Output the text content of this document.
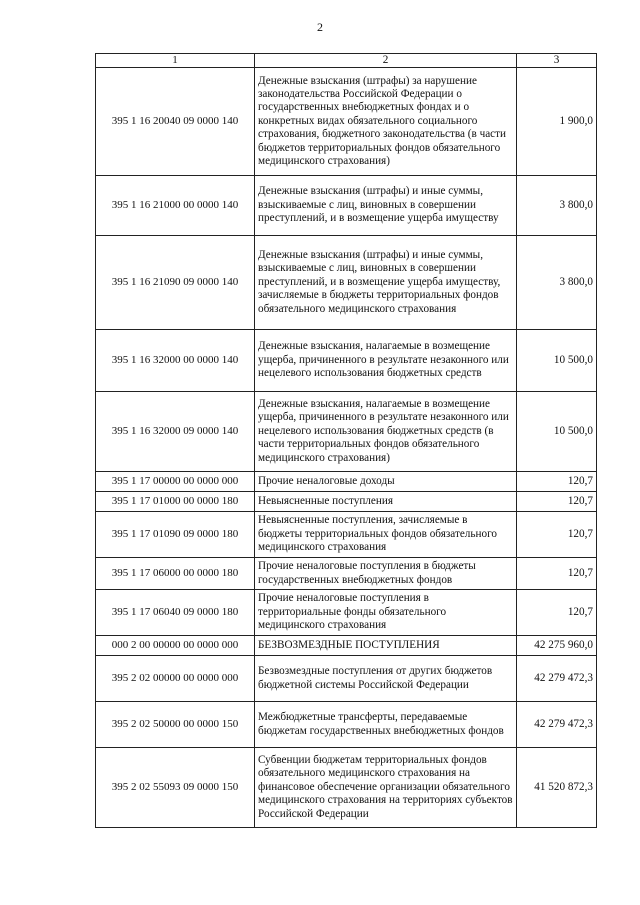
2
1	2	3
395 1 16 20040 09 0000 140	Денежные взыскания (штрафы) за нарушение законодательства Российской Федерации о государственных внебюджетных фондах и о конкретных видах обязательного социального страхования, бюджетного законодательства (в части бюджетов территориальных фондов обязательного медицинского страхования)	1 900,0
395 1 16 21000 00 0000 140	Денежные взыскания (штрафы) и иные суммы, взыскиваемые с лиц, виновных в совершении преступлений, и в возмещение ущерба имуществу	3 800,0
395 1 16 21090 09 0000 140	Денежные взыскания (штрафы) и иные суммы, взыскиваемые с лиц, виновных в совершении преступлений, и в возмещение ущерба имуществу, зачисляемые в бюджеты территориальных фондов обязательного медицинского страхования	3 800,0
395 1 16 32000 00 0000 140	Денежные взыскания, налагаемые в возмещение ущерба, причиненного в результате незаконного или нецелевого использования бюджетных средств	10 500,0
395 1 16 32000 09 0000 140	Денежные взыскания, налагаемые в возмещение ущерба, причиненного в результате незаконного или нецелевого использования бюджетных средств (в части территориальных фондов обязательного медицинского страхования)	10 500,0
395 1 17 00000 00 0000 000	Прочие неналоговые доходы	120,7
395 1 17 01000 00 0000 180	Невыясненные поступления	120,7
395 1 17 01090 09 0000 180	Невыясненные поступления, зачисляемые в бюджеты территориальных фондов обязательного медицинского страхования	120,7
395 1 17 06000 00 0000 180	Прочие неналоговые поступления в бюджеты государственных внебюджетных фондов	120,7
395 1 17 06040 09 0000 180	Прочие неналоговые поступления в территориальные фонды обязательного медицинского страхования	120,7
000 2 00 00000 00 0000 000	БЕЗВОЗМЕЗДНЫЕ ПОСТУПЛЕНИЯ	42 275 960,0
395 2 02 00000 00 0000 000	Безвозмездные поступления от других бюджетов бюджетной системы Российской Федерации	42 279 472,3
395 2 02 50000 00 0000 150	Межбюджетные трансферты, передаваемые бюджетам государственных внебюджетных фондов	42 279 472,3
395 2 02 55093 09 0000 150	Субвенции бюджетам территориальных фондов обязательного медицинского страхования на финансовое обеспечение организации обязательного медицинского страхования на территориях субъектов Российской Федерации	41 520 872,3
